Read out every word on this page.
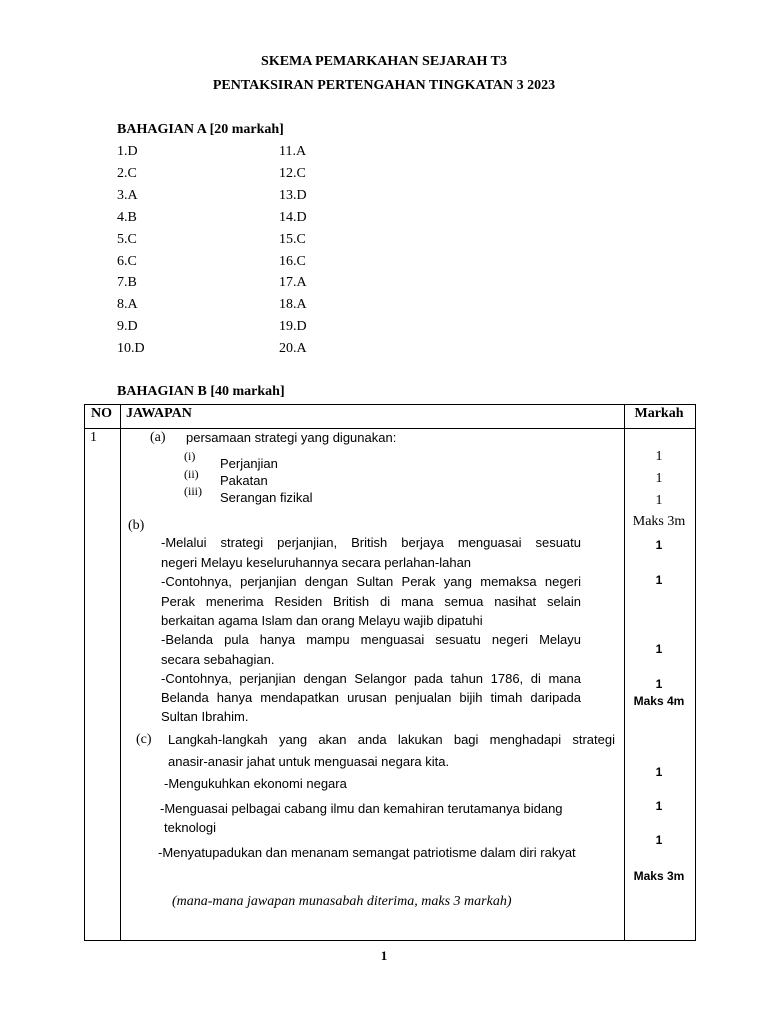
SKEMA PEMARKAHAN SEJARAH T3
PENTAKSIRAN PERTENGAHAN TINGKATAN 3 2023
BAHAGIAN A [20 markah]
1.D
2.C
3.A
4.B
5.C
6.C
7.B
8.A
9.D
10.D
11.A
12.C
13.D
14.D
15.C
16.C
17.A
18.A
19.D
20.A
BAHAGIAN B [40 markah]
NO JAWAPAN	Markah
1	(a) persamaan strategi yang digunakan:
(i) Perjanjian
(ii) Pakatan
(iii) Serangan fizikal
1
1
1
Maks 3m
(b)
-Melalui strategi perjanjian, British berjaya menguasai sesuatu
negeri Melayu keseluruhannya secara perlahan-lahan
-Contohnya, perjanjian dengan Sultan Perak yang memaksa negeri
Perak menerima Residen British di mana semua nasihat selain
berkaitan agama Islam dan orang Melayu wajib dipatuhi
-Belanda pula hanya mampu menguasai sesuatu negeri Melayu
secara sebahagian.
-Contohnya, perjanjian dengan Selangor pada tahun 1786, di mana
Belanda hanya mendapatkan urusan penjualan bijih timah daripada
Sultan Ibrahim.
1
1
1
1
Maks 4m
(c) Langkah-langkah yang akan anda lakukan bagi menghadapi strategi
anasir-anasir jahat untuk menguasai negara kita.
-Mengukuhkan ekonomi negara
-Menguasai pelbagai cabang ilmu dan kemahiran terutamanya bidang
teknologi
-Menyatupadukan dan menanam semangat patriotisme dalam diri rakyat
1
1
1
Maks 3m
(mana-mana jawapan munasabah diterima, maks 3 markah)
1
